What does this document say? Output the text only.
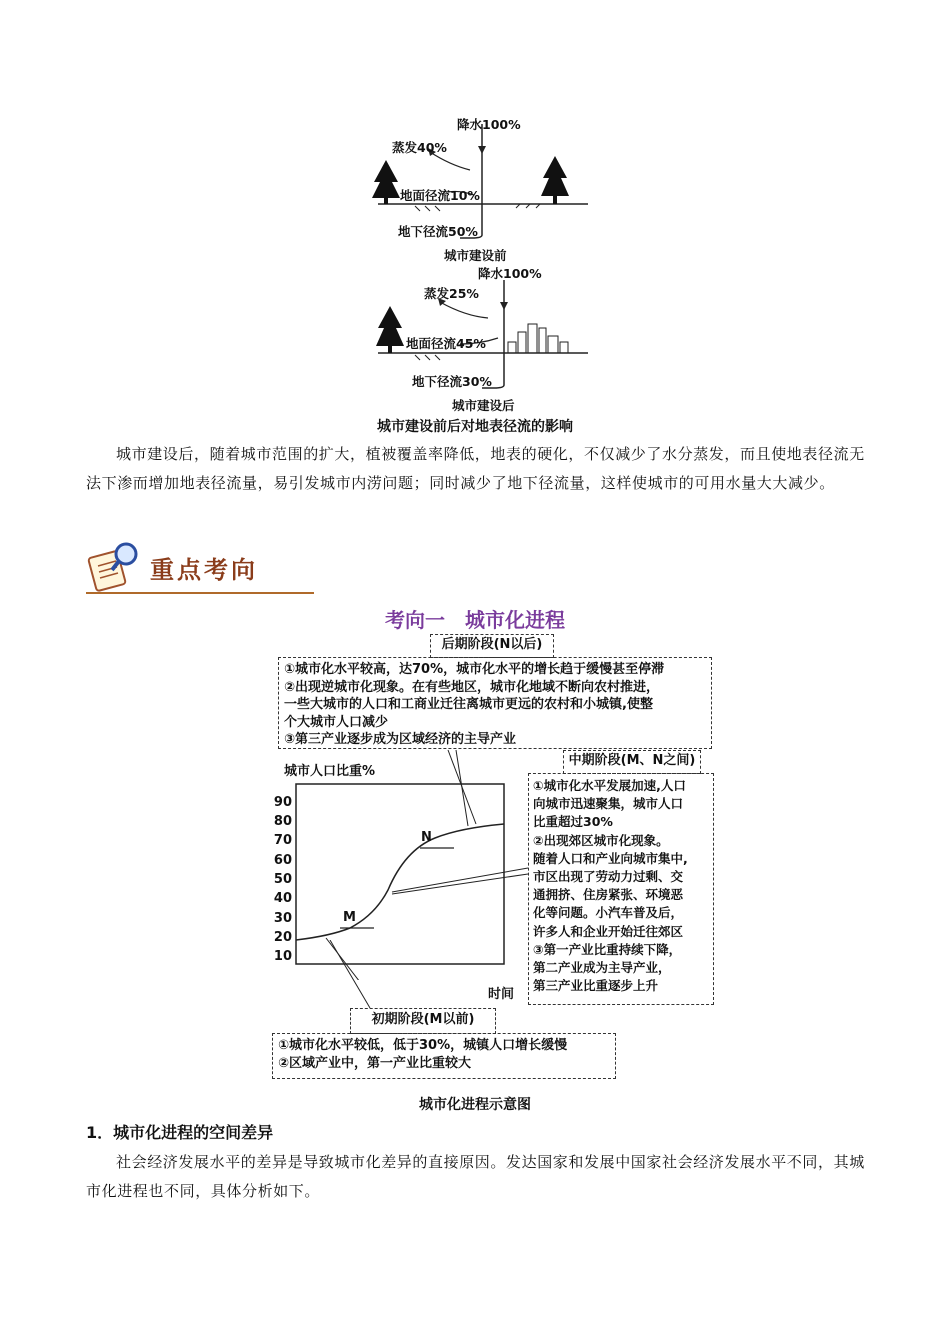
降水100%
蒸发40%
地面径流10%
地下径流50%
城市建设前
降水100%
蒸发25%
地面径流45%
地下径流30%
城市建设后
城市建设前后对地表径流的影响
城市建设后，随着城市范围的扩大，植被覆盖率降低，地表的硬化，不仅减少了水分蒸发，而且使地表径流无法下渗而增加地表径流量，易引发城市内涝问题；同时减少了地下径流量，这样使城市的可用水量大大减少。
重点考向
考向一　城市化进程
后期阶段(N以后)
①城市化水平较高，达70%，城市化水平的增长趋于缓慢甚至停滞
②出现逆城市化现象。在有些地区，城市化地域不断向农村推进，
一些大城市的人口和工商业迁往离城市更远的农村和小城镇,使整
个大城市人口减少
③第三产业逐步成为区域经济的主导产业
中期阶段(M、N之间)
①城市化水平发展加速,人口
向城市迅速聚集，城市人口
比重超过30%
②出现郊区城市化现象。
随着人口和产业向城市集中,
市区出现了劳动力过剩、交
通拥挤、住房紧张、环境恶
化等问题。小汽车普及后，
许多人和企业开始迁往郊区
③第一产业比重持续下降，
第二产业成为主导产业，
第三产业比重逐步上升
城市人口比重%
90
80
70
60
50
40
30
20
10
M
N
时间
初期阶段(M以前)
①城市化水平较低，低于30%，城镇人口增长缓慢
②区域产业中，第一产业比重较大
城市化进程示意图
1．城市化进程的空间差异
社会经济发展水平的差异是导致城市化差异的直接原因。发达国家和发展中国家社会经济发展水平不同，其城市化进程也不同，具体分析如下。
